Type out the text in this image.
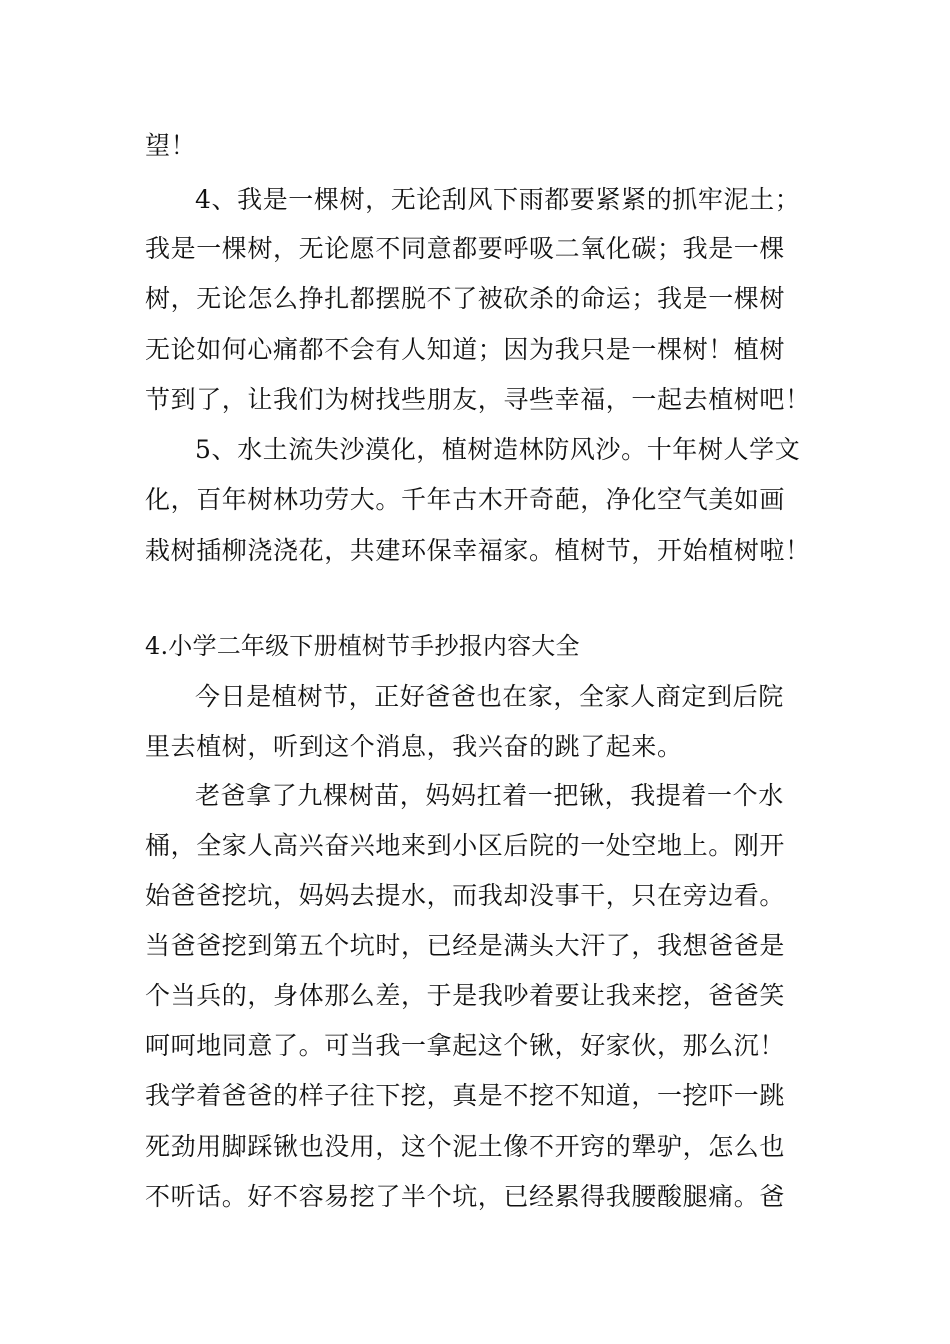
望！
4、我是一棵树，无论刮风下雨都要紧紧的抓牢泥土；
我是一棵树，无论愿不同意都要呼吸二氧化碳；我是一棵
树，无论怎么挣扎都摆脱不了被砍杀的命运；我是一棵树
无论如何心痛都不会有人知道；因为我只是一棵树！植树
节到了，让我们为树找些朋友，寻些幸福，一起去植树吧！
5、水土流失沙漠化，植树造林防风沙。十年树人学文
化，百年树林功劳大。千年古木开奇葩，净化空气美如画
栽树插柳浇浇花，共建环保幸福家。植树节，开始植树啦！
4.小学二年级下册植树节手抄报内容大全
今日是植树节，正好爸爸也在家，全家人商定到后院
里去植树，听到这个消息，我兴奋的跳了起来。
老爸拿了九棵树苗，妈妈扛着一把锹，我提着一个水
桶，全家人高兴奋兴地来到小区后院的一处空地上。刚开
始爸爸挖坑，妈妈去提水，而我却没事干，只在旁边看。
当爸爸挖到第五个坑时，已经是满头大汗了，我想爸爸是
个当兵的，身体那么差，于是我吵着要让我来挖，爸爸笑
呵呵地同意了。可当我一拿起这个锹，好家伙，那么沉！
我学着爸爸的样子往下挖，真是不挖不知道，一挖吓一跳
死劲用脚踩锹也没用，这个泥土像不开窍的犟驴，怎么也
不听话。好不容易挖了半个坑，已经累得我腰酸腿痛。爸
